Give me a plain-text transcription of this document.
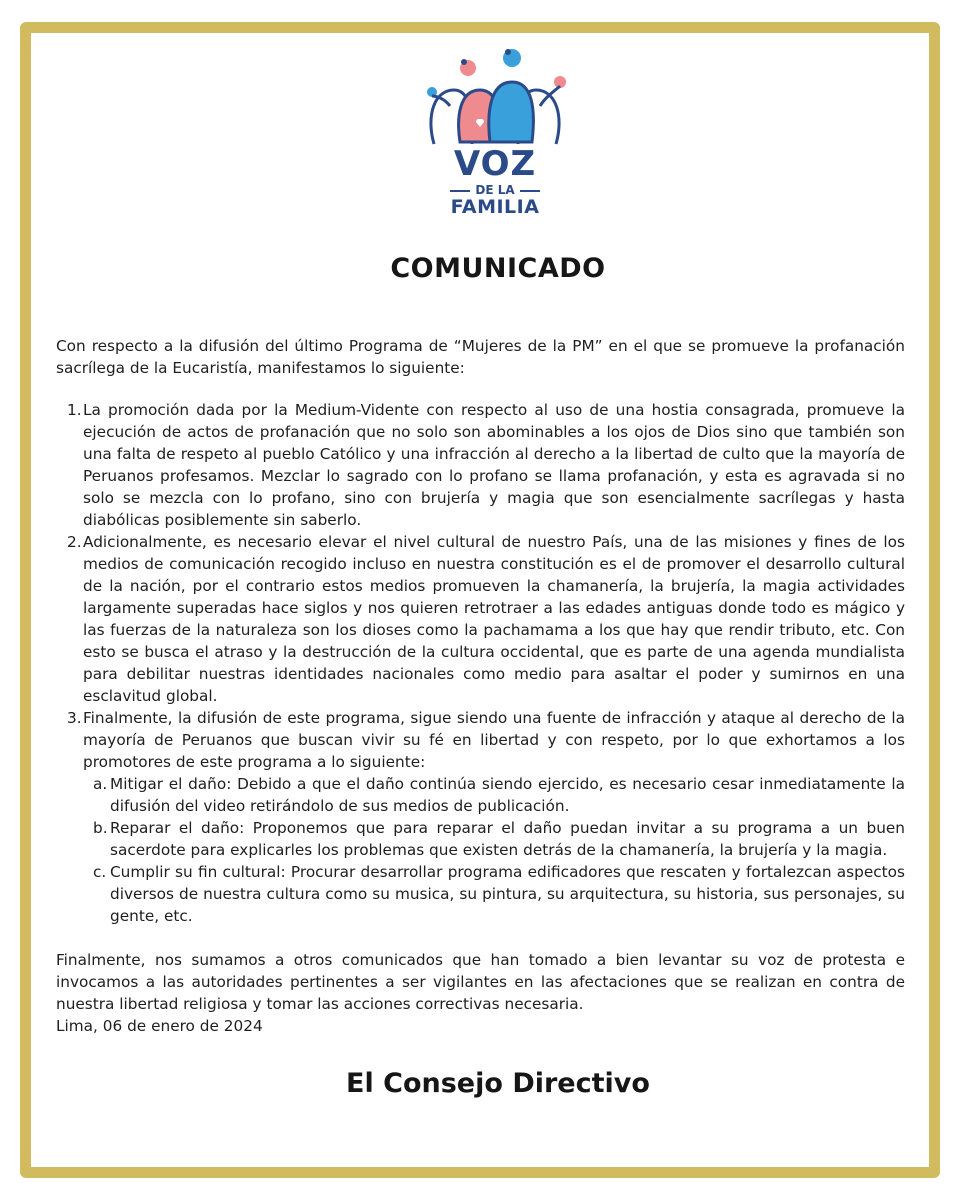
VOZ
DE LA
FAMILIA
COMUNICADO

Con respecto a la difusión del último Programa de “Mujeres de la PM” en el que se promueve la profanación sacrílega de la Eucaristía, manifestamos lo siguiente:

1. La promoción dada por la Medium-Vidente con respecto al uso de una hostia consagrada, promueve la ejecución de actos de profanación que no solo son abominables a los ojos de Dios sino que también son una falta de respeto al pueblo Católico y una infracción al derecho a la libertad de culto que la mayoría de Peruanos profesamos. Mezclar lo sagrado con lo profano se llama profanación, y esta es agravada si no solo se mezcla con lo profano, sino con brujería y magia que son esencialmente sacrílegas y hasta diabólicas posiblemente sin saberlo.
2. Adicionalmente, es necesario elevar el nivel cultural de nuestro País, una de las misiones y fines de los medios de comunicación recogido incluso en nuestra constitución es el de promover el desarrollo cultural de la nación, por el contrario estos medios promueven la chamanería, la brujería, la magia actividades largamente superadas hace siglos y nos quieren retrotraer a las edades antiguas donde todo es mágico y las fuerzas de la naturaleza son los dioses como la pachamama a los que hay que rendir tributo, etc. Con esto se busca el atraso y la destrucción de la cultura occidental, que es parte de una agenda mundialista para debilitar nuestras identidades nacionales como medio para asaltar el poder y sumirnos en una esclavitud global.
3. Finalmente, la difusión de este programa, sigue siendo una fuente de infracción y ataque al derecho de la mayoría de Peruanos que buscan vivir su fé en libertad y con respeto, por lo que exhortamos a los promotores de este programa a lo siguiente:
a. Mitigar el daño: Debido a que el daño continúa siendo ejercido, es necesario cesar inmediatamente la difusión del video retirándolo de sus medios de publicación.
b. Reparar el daño: Proponemos que para reparar el daño puedan invitar a su programa a un buen sacerdote para explicarles los problemas que existen detrás de la chamanería, la brujería y la magia.
c. Cumplir su fin cultural: Procurar desarrollar programa edificadores que rescaten y fortalezcan aspectos diversos de nuestra cultura como su musica, su pintura, su arquitectura, su historia, sus personajes, su gente, etc.

Finalmente, nos sumamos a otros comunicados que han tomado a bien levantar su voz de protesta e invocamos a las autoridades pertinentes a ser vigilantes en las afectaciones que se realizan en contra de nuestra libertad religiosa y tomar las acciones correctivas necesaria.

Lima, 06 de enero de 2024

El Consejo Directivo
